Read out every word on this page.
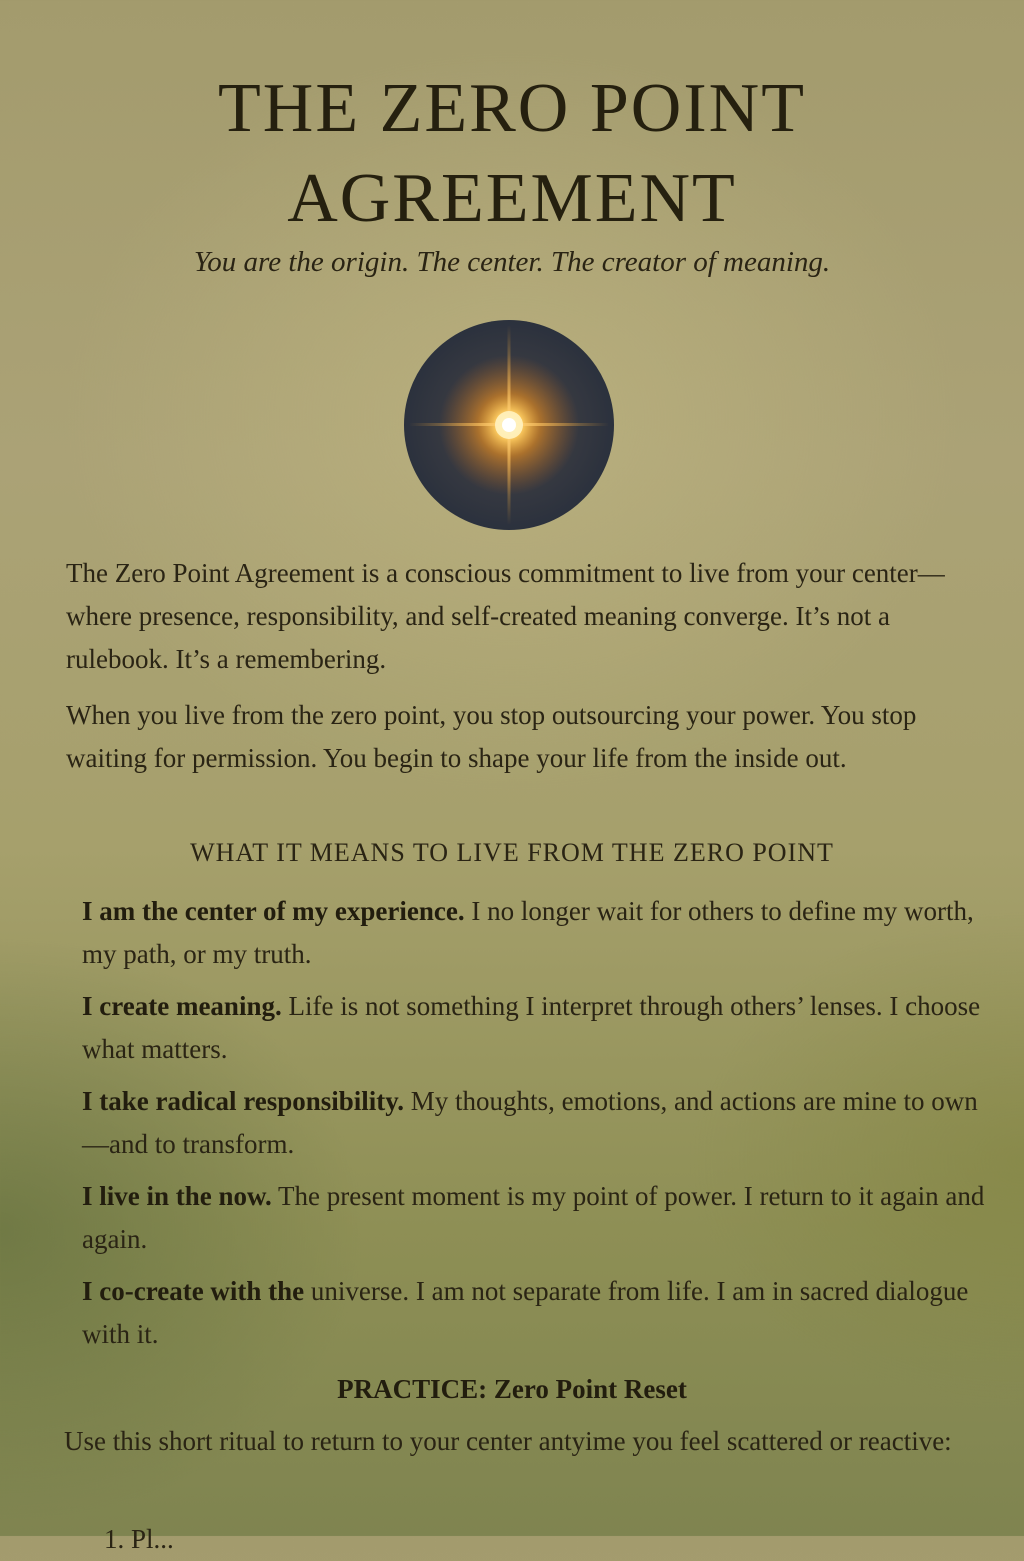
THE ZERO POINT
AGREEMENT
You are the origin. The center. The creator of meaning.

The Zero Point Agreement is a conscious commitment to live from your center—where presence, responsibility, and self-created meaning converge. It’s not a rulebook. It’s a remembering.

When you live from the zero point, you stop outsourcing your power. You stop waiting for permission. You begin to shape your life from the inside out.

WHAT IT MEANS TO LIVE FROM THE ZERO POINT
I am the center of my experience. I no longer wait for others to define my worth, my path, or my truth.
I create meaning. Life is not something I interpret through others’ lenses. I choose what matters.
I take radical responsibility. My thoughts, emotions, and actions are mine to own—and to transform.
I live in the now. The present moment is my point of power. I return to it again and again.
I co-create with the universe. I am not separate from life. I am in sacred dialogue with it.
PRACTICE: Zero Point Reset

Use this short ritual to return to your center antyime you feel scattered or reactive:

1. Pl...
